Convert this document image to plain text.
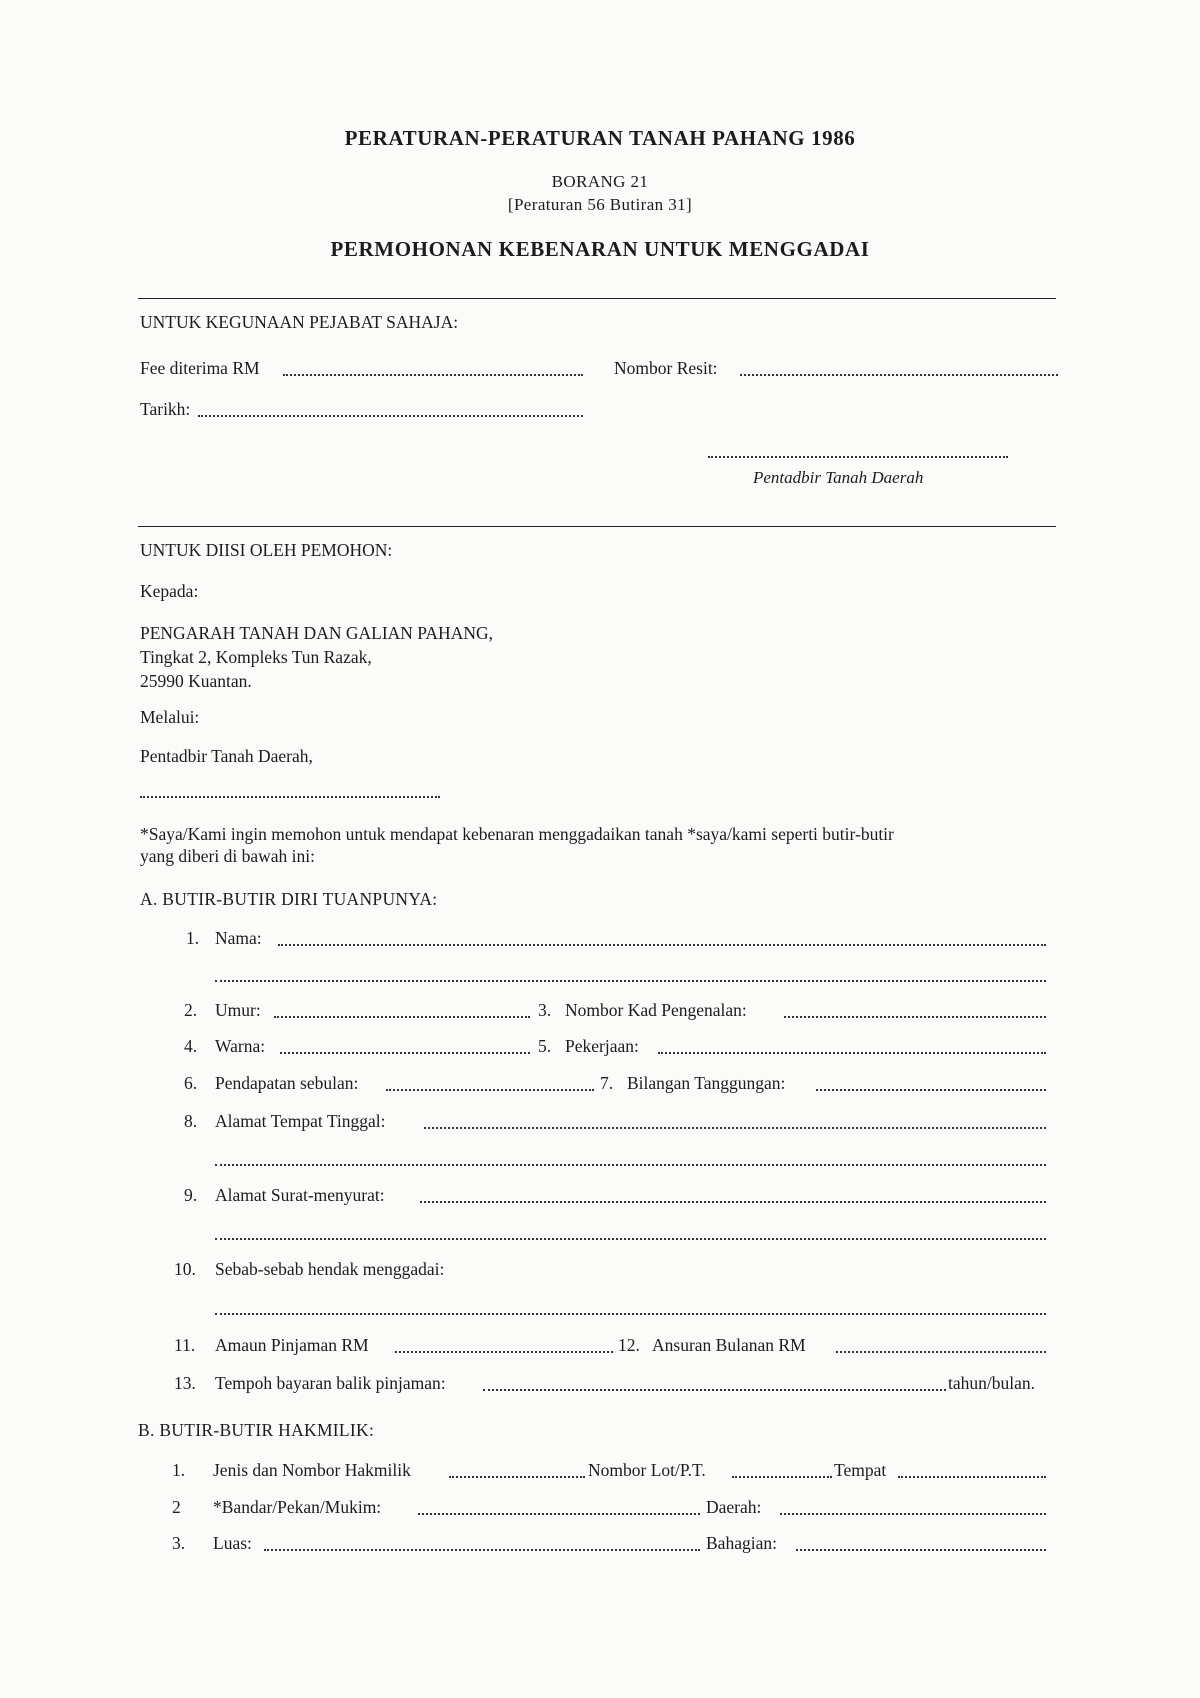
PERATURAN-PERATURAN TANAH PAHANG 1986
BORANG 21
[Peraturan 56 Butiran 31]
PERMOHONAN KEBENARAN UNTUK MENGGADAI
UNTUK KEGUNAAN PEJABAT SAHAJA:
Fee diterima RM	Nombor Resit:
Tarikh:
Pentadbir Tanah Daerah
UNTUK DIISI OLEH PEMOHON:
Kepada:
PENGARAH TANAH DAN GALIAN PAHANG,
Tingkat 2, Kompleks Tun Razak,
25990 Kuantan.
Melalui:
Pentadbir Tanah Daerah,
*Saya/Kami ingin memohon untuk mendapat kebenaran menggadaikan tanah *saya/kami seperti butir-butir
yang diberi di bawah ini:
A. BUTIR-BUTIR DIRI TUANPUNYA:
1. Nama:
2. Umur:	3. Nombor Kad Pengenalan:
4. Warna:	5. Pekerjaan:
6. Pendapatan sebulan:	7. Bilangan Tanggungan:
8. Alamat Tempat Tinggal:
9. Alamat Surat-menyurat:
10. Sebab-sebab hendak menggadai:
11. Amaun Pinjaman RM	12. Ansuran Bulanan RM
13. Tempoh bayaran balik pinjaman:	tahun/bulan.
B. BUTIR-BUTIR HAKMILIK:
1. Jenis dan Nombor Hakmilik	Nombor Lot/P.T.	Tempat
2 *Bandar/Pekan/Mukim:	Daerah:
3. Luas:	Bahagian:
